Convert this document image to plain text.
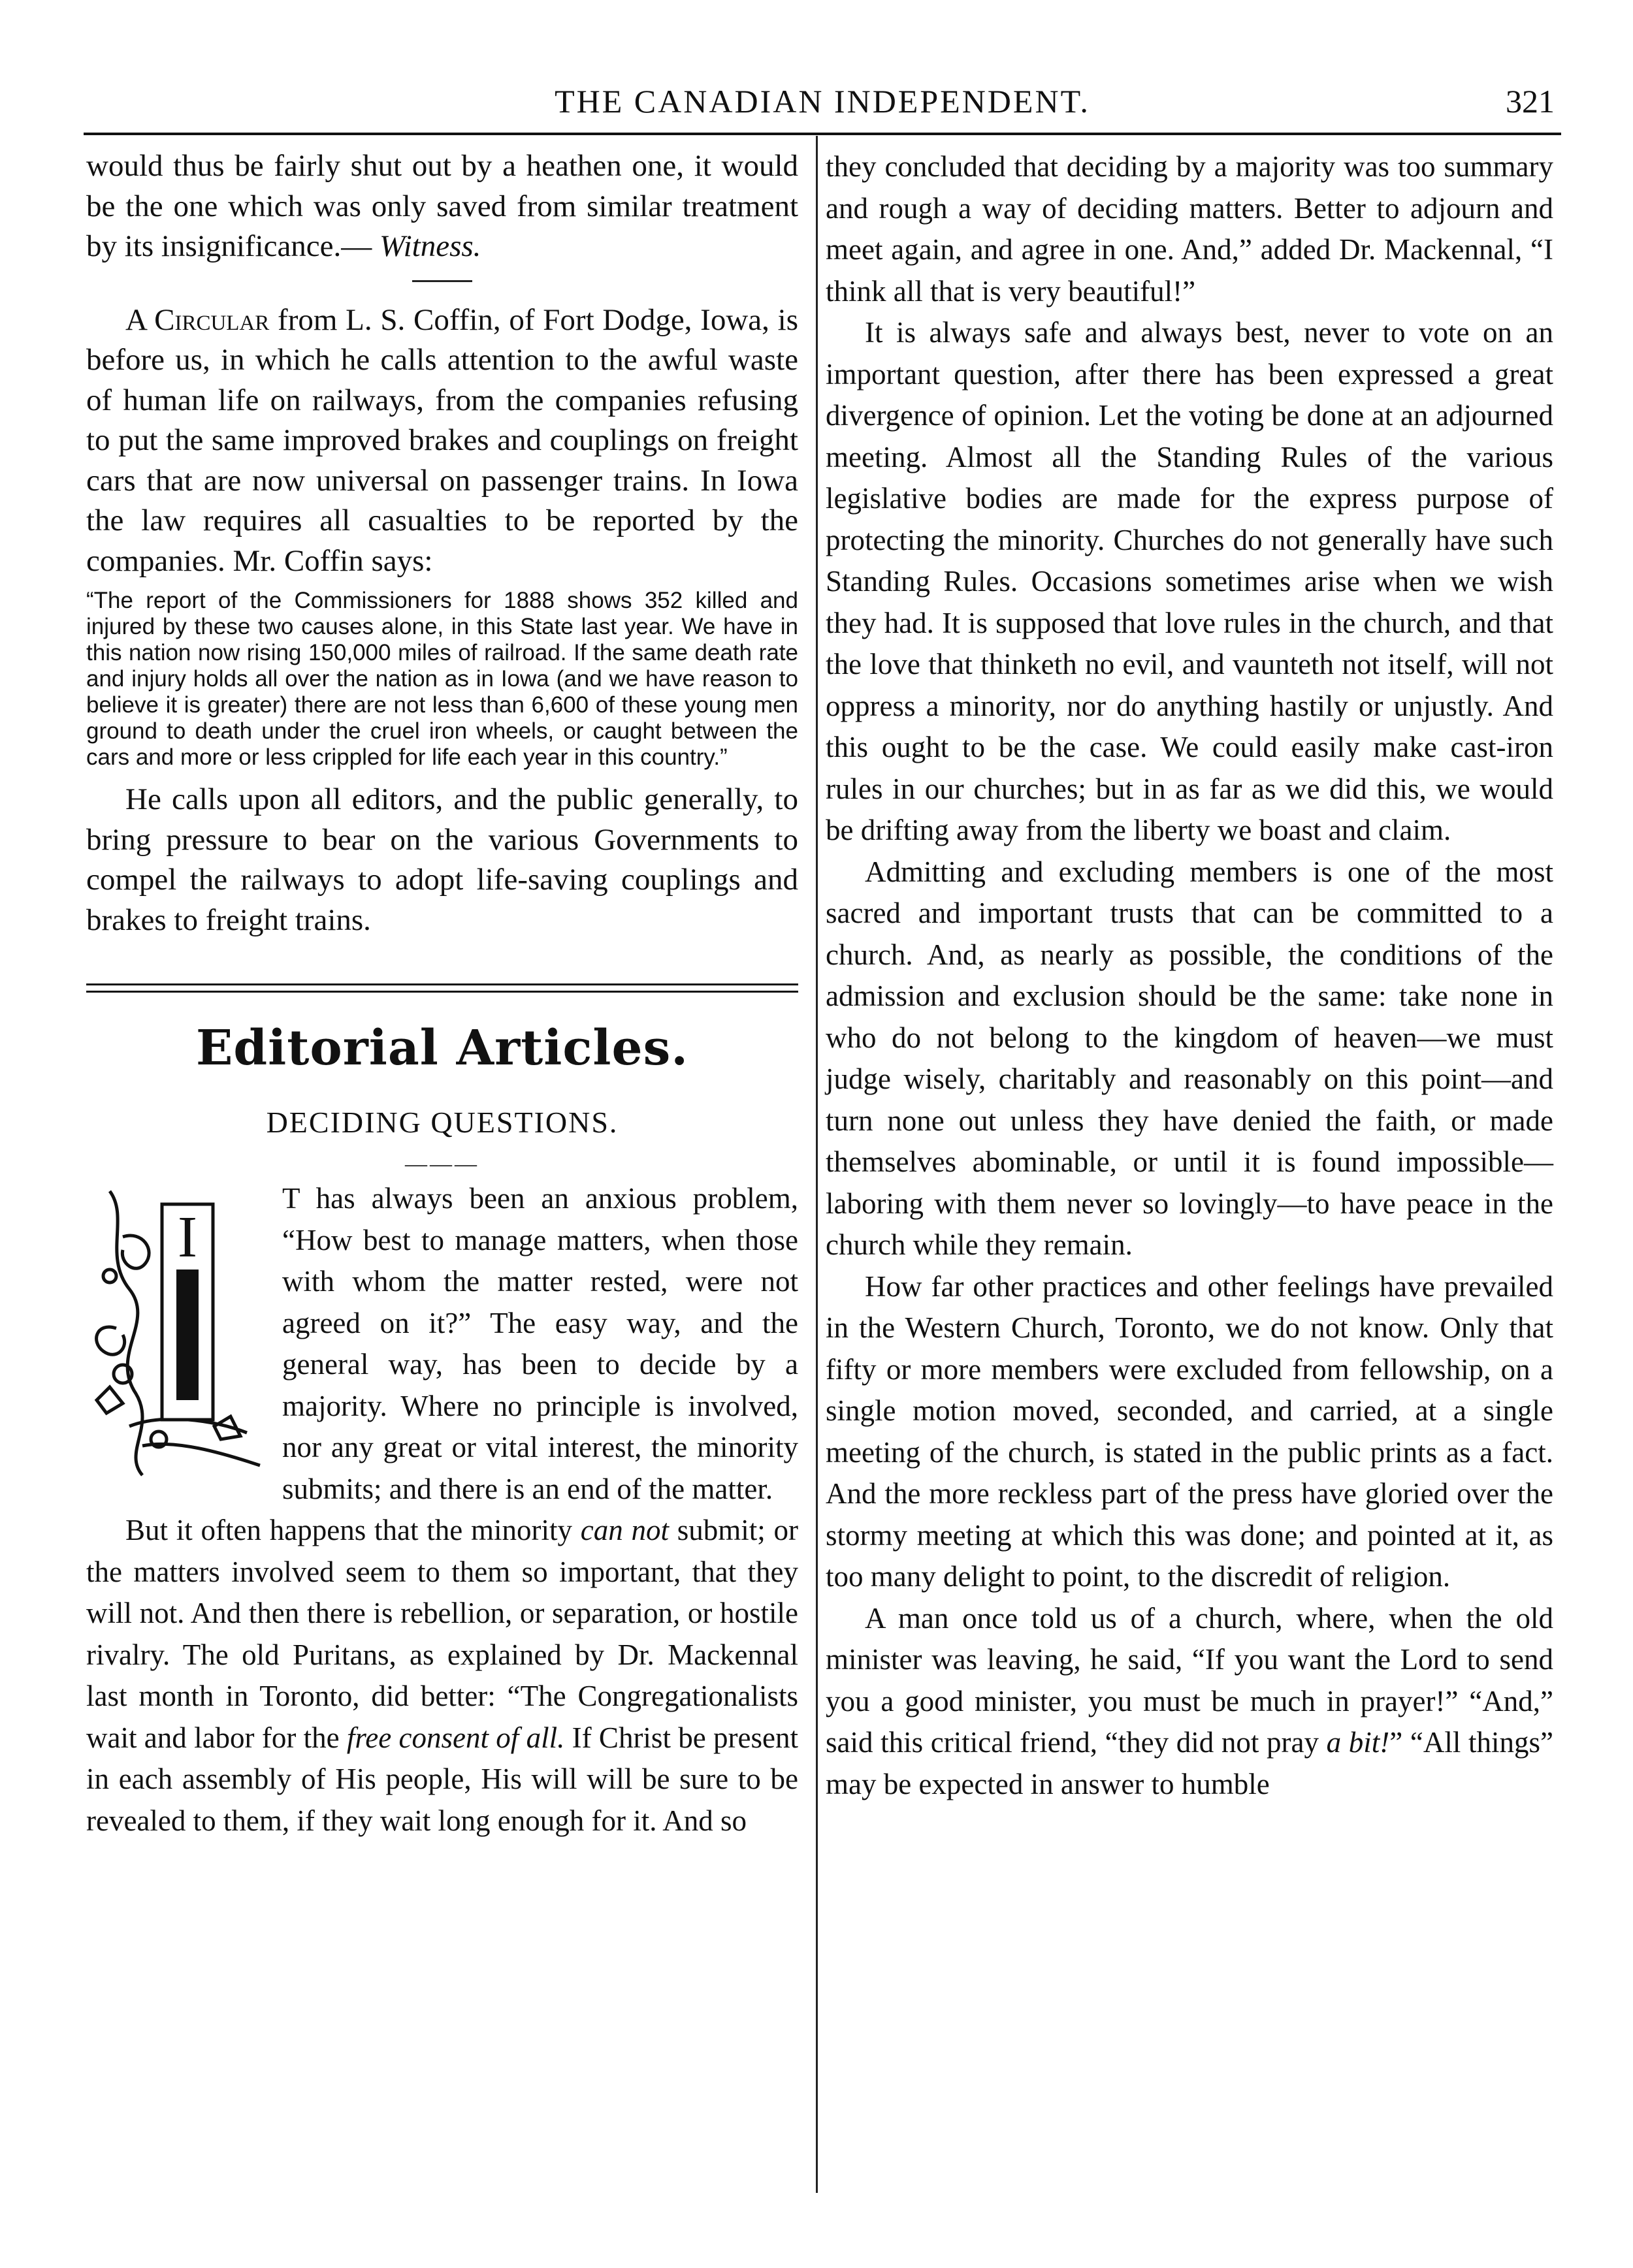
THE CANADIAN INDEPENDENT.	321

would thus be fairly shut out by a heathen one, it would be the one which was only saved from similar treatment by its insignificance.— Witness.

A Circular from L. S. Coffin, of Fort Dodge, Iowa, is before us, in which he calls attention to the awful waste of human life on railways, from the companies refusing to put the same improved brakes and couplings on freight cars that are now universal on passenger trains. In Iowa the law requires all casualties to be reported by the companies. Mr. Coffin says:

“The report of the Commissioners for 1888 shows 352 killed and injured by these two causes alone, in this State last year. We have in this nation now rising 150,000 miles of railroad. If the same death rate and injury holds all over the nation as in Iowa (and we have reason to believe it is greater) there are not less than 6,600 of these young men ground to death under the cruel iron wheels, or caught between the cars and more or less crippled for life each year in this country.”

He calls upon all editors, and the public generally, to bring pressure to bear on the various Governments to compel the railways to adopt life-saving couplings and brakes to freight trains.

Editorial Articles.
DECIDING QUESTIONS.
———
I

T has always been an anxious problem, “How best to manage matters, when those with whom the matter rested, were not agreed on it?” The easy way, and the general way, has been to decide by a majority. Where no principle is involved, nor any great or vital interest, the minority submits; and there is an end of the matter.

But it often happens that the minority can not submit; or the matters involved seem to them so important, that they will not. And then there is rebellion, or separation, or hostile rivalry. The old Puritans, as explained by Dr. Mackennal last month in Toronto, did better: “The Congregationalists wait and labor for the free consent of all. If Christ be present in each assembly of His people, His will will be sure to be revealed to them, if they wait long enough for it. And so

they concluded that deciding by a majority was too summary and rough a way of deciding matters. Better to adjourn and meet again, and agree in one. And,” added Dr. Mackennal, “I think all that is very beautiful!”

It is always safe and always best, never to vote on an important question, after there has been expressed a great divergence of opinion. Let the voting be done at an adjourned meeting. Almost all the Standing Rules of the various legislative bodies are made for the express purpose of protecting the minority. Churches do not generally have such Standing Rules. Occasions sometimes arise when we wish they had. It is supposed that love rules in the church, and that the love that thinketh no evil, and vaunteth not itself, will not oppress a minority, nor do anything hastily or unjustly. And this ought to be the case. We could easily make cast-iron rules in our churches; but in as far as we did this, we would be drifting away from the liberty we boast and claim.

Admitting and excluding members is one of the most sacred and important trusts that can be committed to a church. And, as nearly as possible, the conditions of the admission and exclusion should be the same: take none in who do not belong to the kingdom of heaven—we must judge wisely, charitably and reasonably on this point—and turn none out unless they have denied the faith, or made themselves abominable, or until it is found impossible—laboring with them never so lovingly—to have peace in the church while they remain.

How far other practices and other feelings have prevailed in the Western Church, Toronto, we do not know. Only that fifty or more members were excluded from fellowship, on a single motion moved, seconded, and carried, at a single meeting of the church, is stated in the public prints as a fact. And the more reckless part of the press have gloried over the stormy meeting at which this was done; and pointed at it, as too many delight to point, to the discredit of religion.

A man once told us of a church, where, when the old minister was leaving, he said, “If you want the Lord to send you a good minister, you must be much in prayer!” “And,” said this critical friend, “they did not pray a bit!” “All things” may be expected in answer to humble
